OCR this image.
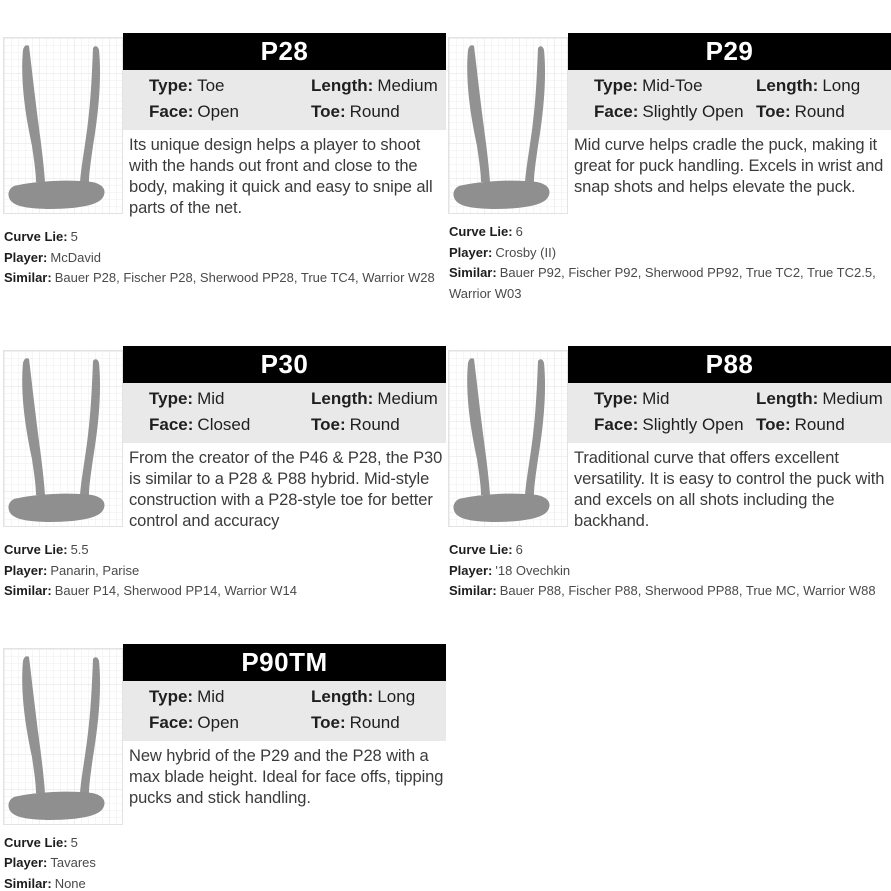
P28
Type: Toe	Length: Medium
Face: Open	Toe: Round

Its unique design helps a player to shoot with the hands out front and close to the body, making it quick and easy to snipe all parts of the net.

Curve Lie: 5
Player: McDavid
Similar: Bauer P28, Fischer P28, Sherwood PP28, True TC4, Warrior W28
P29
Type: Mid-Toe	Length: Long
Face: Slightly Open Toe: Round

Mid curve helps cradle the puck, making it great for puck handling. Excels in wrist and snap shots and helps elevate the puck.

Curve Lie: 6
Player: Crosby (II)
Similar: Bauer P92, Fischer P92, Sherwood PP92, True TC2, True TC2.5, Warrior W03
P30
Type: Mid	Length: Medium
Face: Closed	Toe: Round

From the creator of the P46 & P28, the P30 is similar to a P28 & P88 hybrid. Mid-style construction with a P28-style toe for better control and accuracy

Curve Lie: 5.5
Player: Panarin, Parise
Similar: Bauer P14, Sherwood PP14, Warrior W14
P88
Type: Mid	Length: Medium
Face: Slightly Open Toe: Round

Traditional curve that offers excellent versatility. It is easy to control the puck with and excels on all shots including the backhand.

Curve Lie: 6
Player: '18 Ovechkin
Similar: Bauer P88, Fischer P88, Sherwood PP88, True MC, Warrior W88
P90TM
Type: Mid	Length: Long
Face: Open	Toe: Round

New hybrid of the P29 and the P28 with a max blade height. Ideal for face offs, tipping pucks and stick handling.

Curve Lie: 5
Player: Tavares
Similar: None
